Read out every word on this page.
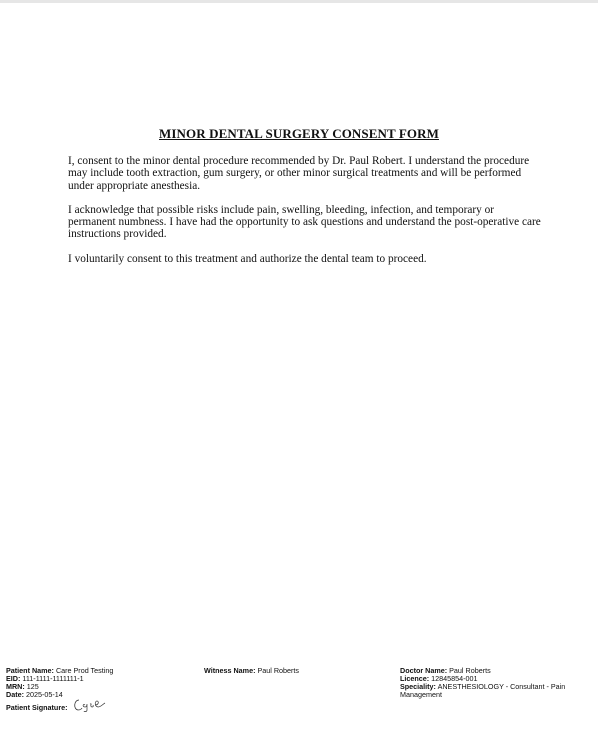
MINOR DENTAL SURGERY CONSENT FORM

I, consent to the minor dental procedure recommended by Dr. Paul Robert. I understand the procedure may include tooth extraction, gum surgery, or other minor surgical treatments and will be performed under appropriate anesthesia.

I acknowledge that possible risks include pain, swelling, bleeding, infection, and temporary or permanent numbness. I have had the opportunity to ask questions and understand the post-operative care instructions provided.

I voluntarily consent to this treatment and authorize the dental team to proceed.

Patient Name: Care Prod Testing
EID: 111-1111-1111111-1
MRN: 125
Date: 2025-05-14
Patient Signature:
Witness Name: Paul Roberts	Doctor Name: Paul Roberts
Licence: 12845854-001
Speciality: ANESTHESIOLOGY - Consultant - Pain Management
